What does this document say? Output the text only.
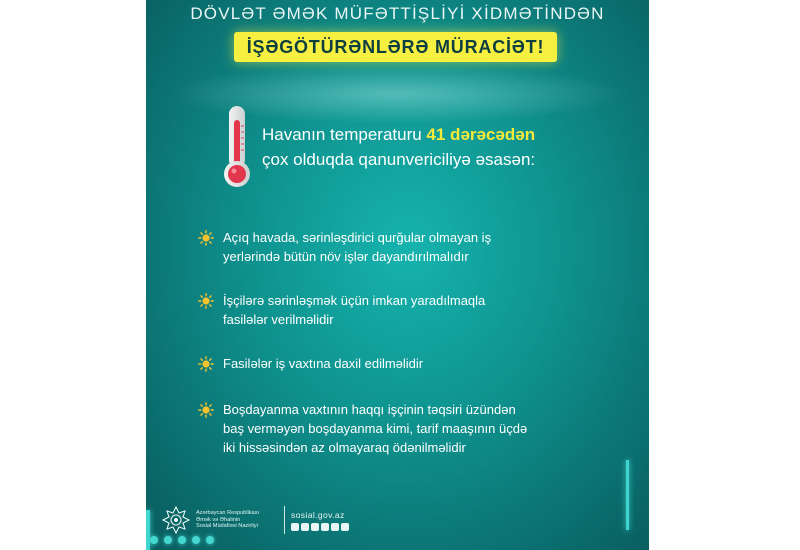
DÖVLƏT ƏMƏK MÜFƏTTİŞLİYİ XİDMƏTİNDƏN
İŞƏGÖTÜRƏNLƏRƏ MÜRACİƏT!
Havanın temperaturu 41 dərəcədən
çox olduqda qanunvericiliyə əsasən:
Açıq havada, sərinləşdirici qurğular olmayan iş
yerlərində bütün növ işlər dayandırılmalıdır
İşçilərə sərinləşmək üçün imkan yaradılmaqla
fasilələr verilməlidir
Fasilələr iş vaxtına daxil edilməlidir
Boşdayanma vaxtının haqqı işçinin təqsiri üzündən
baş verməyən boşdayanma kimi, tarif maaşının üçdə
iki hissəsindən az olmayaraq ödənilməlidir
Azərbaycan Respublikası
Əmək və Əhalinin
Sosial Müdafiəsi Nazirliyi
sosial.gov.az
